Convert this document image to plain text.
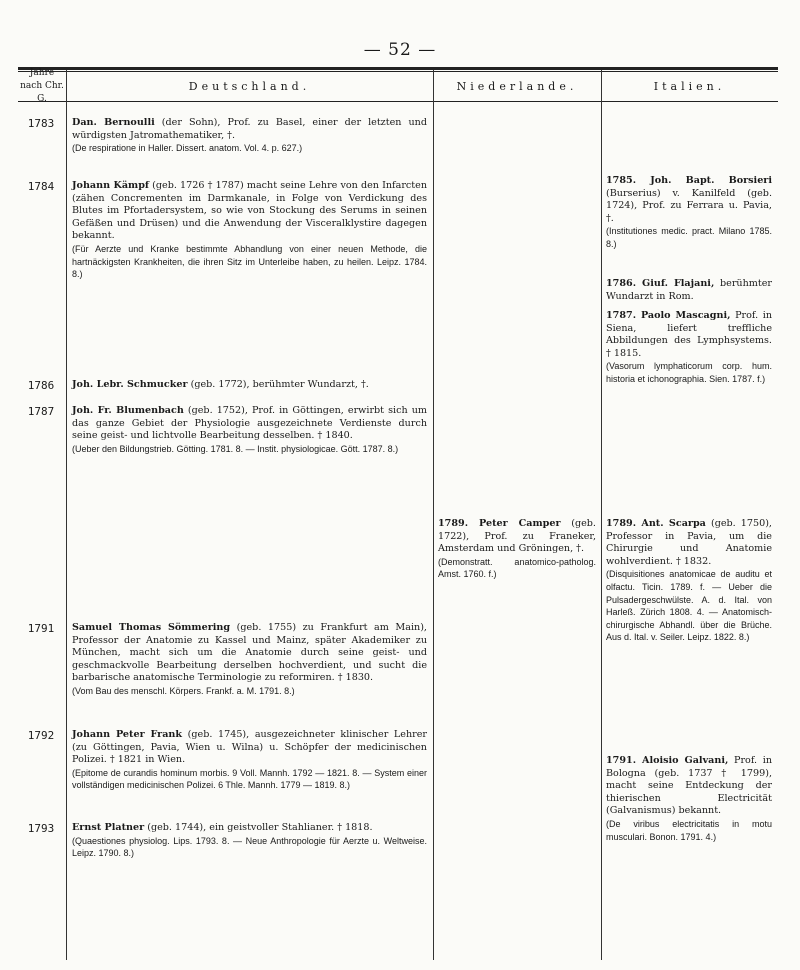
— 52 —
Jahre nach Chr. G.
Deutschland.	Niederlande.	Italien.
1783
1784
1786
1787
1791
1792
1793

Dan. Bernoulli (der Sohn), Prof. zu Basel, einer der letzten und würdigsten Jatromathematiker, †.

(De respiratione in Haller. Dissert. anatom. Vol. 4. p. 627.)

Johann Kämpf (geb. 1726 † 1787) macht seine Lehre von den Infarcten (zähen Concrementen im Darmkanale, in Folge von Verdickung des Blutes im Pfortadersystem, so wie von Stockung des Serums in seinen Gefäßen und Drüsen) und die Anwendung der Visceralklystire dagegen bekannt.

(Für Aerzte und Kranke bestimmte Abhandlung von einer neuen Methode, die hartnäckigsten Krankheiten, die ihren Sitz im Unterleibe haben, zu heilen. Leipz. 1784. 8.)

Joh. Lebr. Schmucker (geb. 1772), berühmter Wundarzt, †.

Joh. Fr. Blumenbach (geb. 1752), Prof. in Göttingen, erwirbt sich um das ganze Gebiet der Physiologie ausgezeichnete Verdienste durch seine geist- und lichtvolle Bearbeitung desselben. † 1840.

(Ueber den Bildungstrieb. Götting. 1781. 8. — Instit. physiologicae. Gött. 1787. 8.)

Samuel Thomas Sömmering (geb. 1755) zu Frankfurt am Main), Professor der Anatomie zu Kassel und Mainz, später Akademiker zu München, macht sich um die Anatomie durch seine geist- und geschmackvolle Bearbeitung derselben hochverdient, und sucht die barbarische anatomische Terminologie zu reformiren. † 1830.

(Vom Bau des menschl. Körpers. Frankf. a. M. 1791. 8.)

Johann Peter Frank (geb. 1745), ausgezeichneter klinischer Lehrer (zu Göttingen, Pavia, Wien u. Wilna) u. Schöpfer der medicinischen Polizei. † 1821 in Wien.

(Epitome de curandis hominum morbis. 9 Voll. Mannh. 1792 — 1821. 8. — System einer vollständigen medicinischen Polizei. 6 Thle. Mannh. 1779 — 1819. 8.)

Ernst Platner (geb. 1744), ein geistvoller Stahlianer. † 1818.

(Quaestiones physiolog. Lips. 1793. 8. — Neue Anthropologie für Aerzte u. Weltweise. Leipz. 1790. 8.)

1789. Peter Camper (geb. 1722), Prof. zu Franeker, Amsterdam und Gröningen, †.

(Demonstratt. anatomico-patholog. Amst. 1760. f.)

1785. Joh. Bapt. Borsieri (Burserius) v. Kanilfeld (geb. 1724), Prof. zu Ferrara u. Pavia, †.

(Institutiones medic. pract. Milano 1785. 8.)

1786. Giuf. Flajani, berühmter Wundarzt in Rom.

1787. Paolo Mascagni, Prof. in Siena, liefert treffliche Abbildungen des Lymphsystems. † 1815.

(Vasorum lymphaticorum corp. hum. historia et ichonographia. Sien. 1787. f.)

1789. Ant. Scarpa (geb. 1750), Professor in Pavia, um die Chirurgie und Anatomie wohlverdient. † 1832.

(Disquisitiones anatomicae de auditu et olfactu. Ticin. 1789. f. — Ueber die Pulsadergeschwülste. A. d. Ital. von Harleß. Zürich 1808. 4. — Anatomisch-chirurgische Abhandl. über die Brüche. Aus d. Ital. v. Seiler. Leipz. 1822. 8.)

1791. Aloisio Galvani, Prof. in Bologna (geb. 1737 † 1799), macht seine Entdeckung der thierischen Electricität (Galvanismus) bekannt.

(De viribus electricitatis in motu musculari. Bonon. 1791. 4.)
